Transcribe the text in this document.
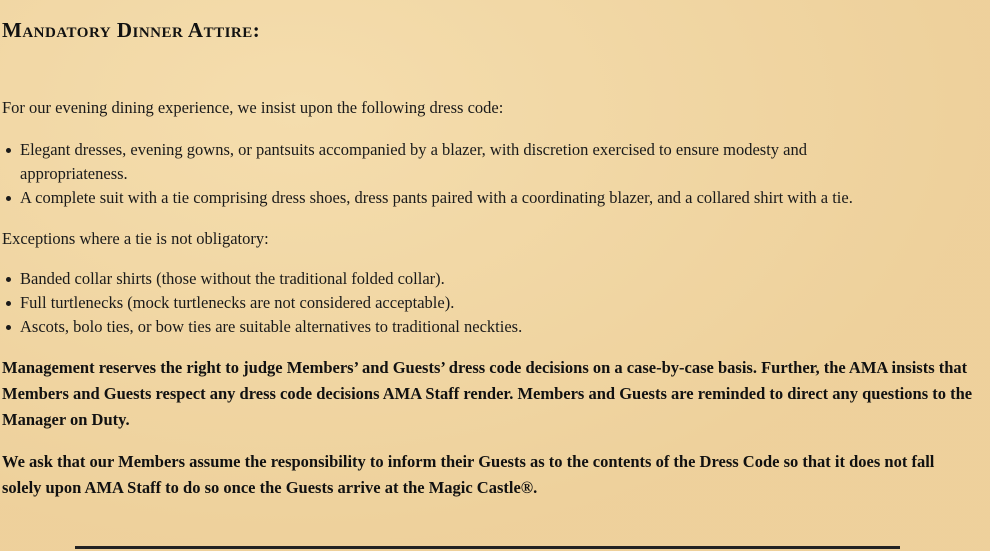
Mandatory Dinner Attire:

For our evening dining experience, we insist upon the following dress code:

Elegant dresses, evening gowns, or pantsuits accompanied by a blazer, with discretion exercised to ensure modesty and appropriateness.
A complete suit with a tie comprising dress shoes, dress pants paired with a coordinating blazer, and a collared shirt with a tie.

Exceptions where a tie is not obligatory:

Banded collar shirts (those without the traditional folded collar).
Full turtlenecks (mock turtlenecks are not considered acceptable).
Ascots, bolo ties, or bow ties are suitable alternatives to traditional neckties.

Management reserves the right to judge Members’ and Guests’ dress code decisions on a case-by-case basis. Further, the AMA insists that Members and Guests respect any dress code decisions AMA Staff render. Members and Guests are reminded to direct any questions to the Manager on Duty.

We ask that our Members assume the responsibility to inform their Guests as to the contents of the Dress Code so that it does not fall solely upon AMA Staff to do so once the Guests arrive at the Magic Castle®.
